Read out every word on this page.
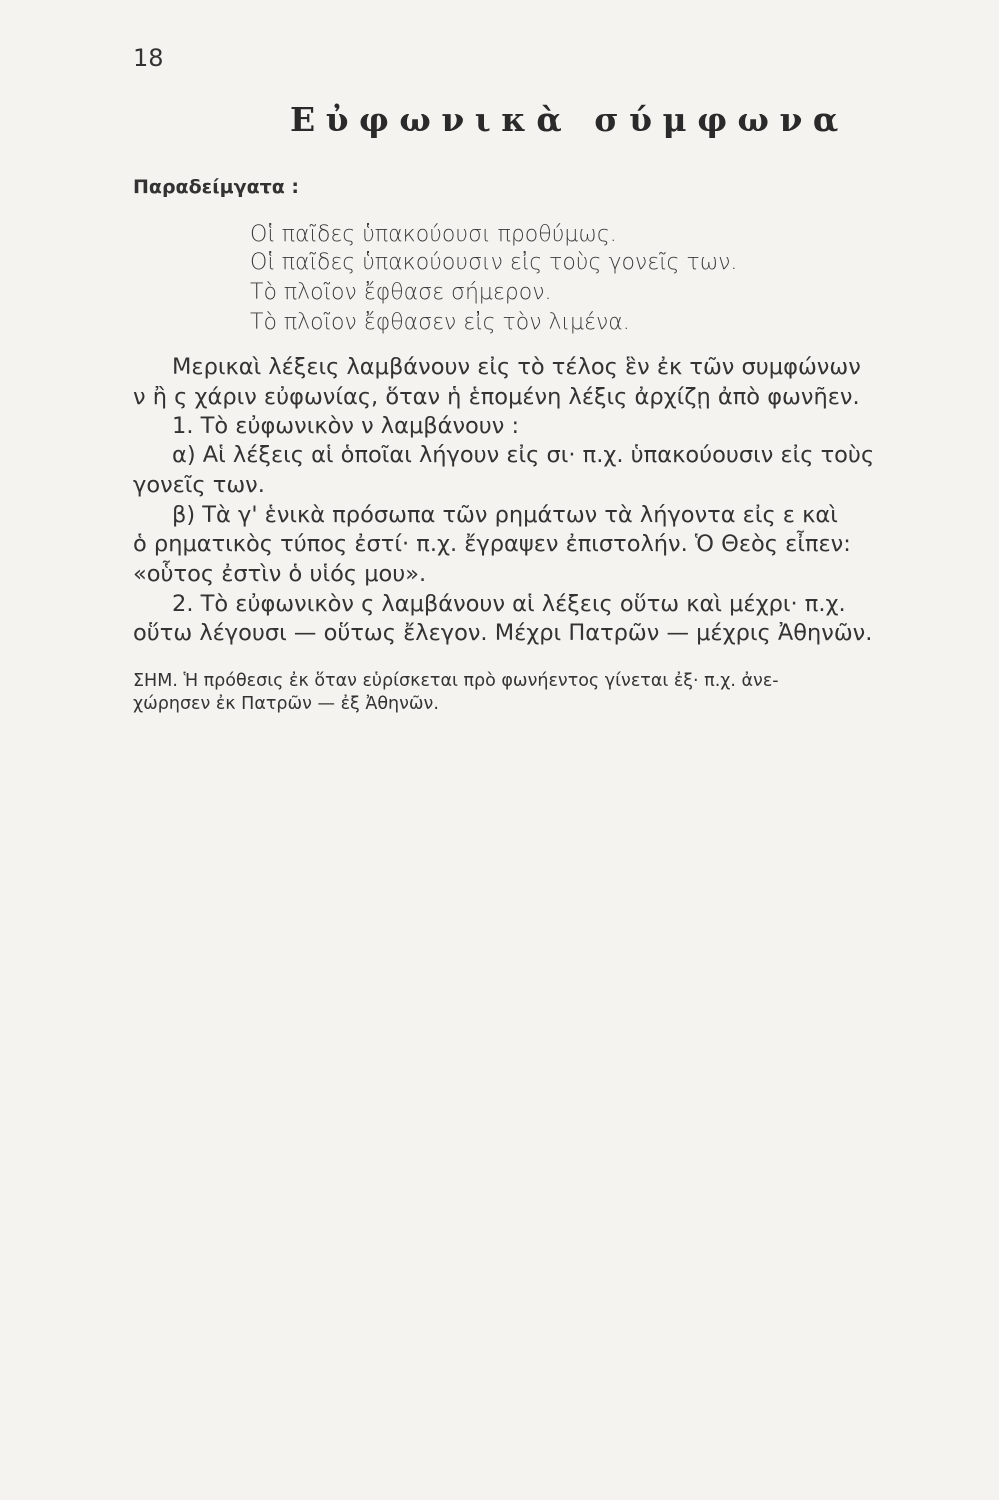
18
Εὐφωνικὰ σύμφωνα
Παραδείμγατα :
Οἱ παῖδες ὑπακούουσι προθύμως.
Οἱ παῖδες ὑπακούουσιν εἰς τοὺς γονεῖς των.
Τὸ πλοῖον ἔφθασε σήμερον.
Τὸ πλοῖον ἔφθασεν εἰς τὸν λιμένα.
Μερικαὶ λέξεις λαμβάνουν εἰς τὸ τέλος ἓν ἐκ τῶν συμφώνων
ν ἢ ς χάριν εὐφωνίας, ὅταν ἡ ἑπομένη λέξις ἀρχίζῃ ἀπὸ φωνῆεν.
1. Τὸ εὐφωνικὸν ν λαμβάνουν :
α) Αἱ λέξεις αἱ ὁποῖαι λήγουν εἰς σι· π.χ. ὑπακούουσιν εἰς τοὺς
γονεῖς των.
β) Τὰ γ' ἑνικὰ πρόσωπα τῶν ρημάτων τὰ λήγοντα εἰς ε καὶ
ὁ ρηματικὸς τύπος ἐστί· π.χ. ἔγραψεν ἐπιστολήν. Ὁ Θεὸς εἶπεν:
«οὗτος ἐστὶν ὁ υἱός μου».
2. Τὸ εὐφωνικὸν ς λαμβάνουν αἱ λέξεις οὕτω καὶ μέχρι· π.χ.
οὕτω λέγουσι — οὕτως ἔλεγον. Μέχρι Πατρῶν — μέχρις Ἀθηνῶν.
ΣΗΜ. Ἡ πρόθεσις ἐκ ὅταν εὑρίσκεται πρὸ φωνήεντος γίνεται ἐξ· π.χ. ἀνε-
χώρησεν ἐκ Πατρῶν — ἐξ Ἀθηνῶν.
